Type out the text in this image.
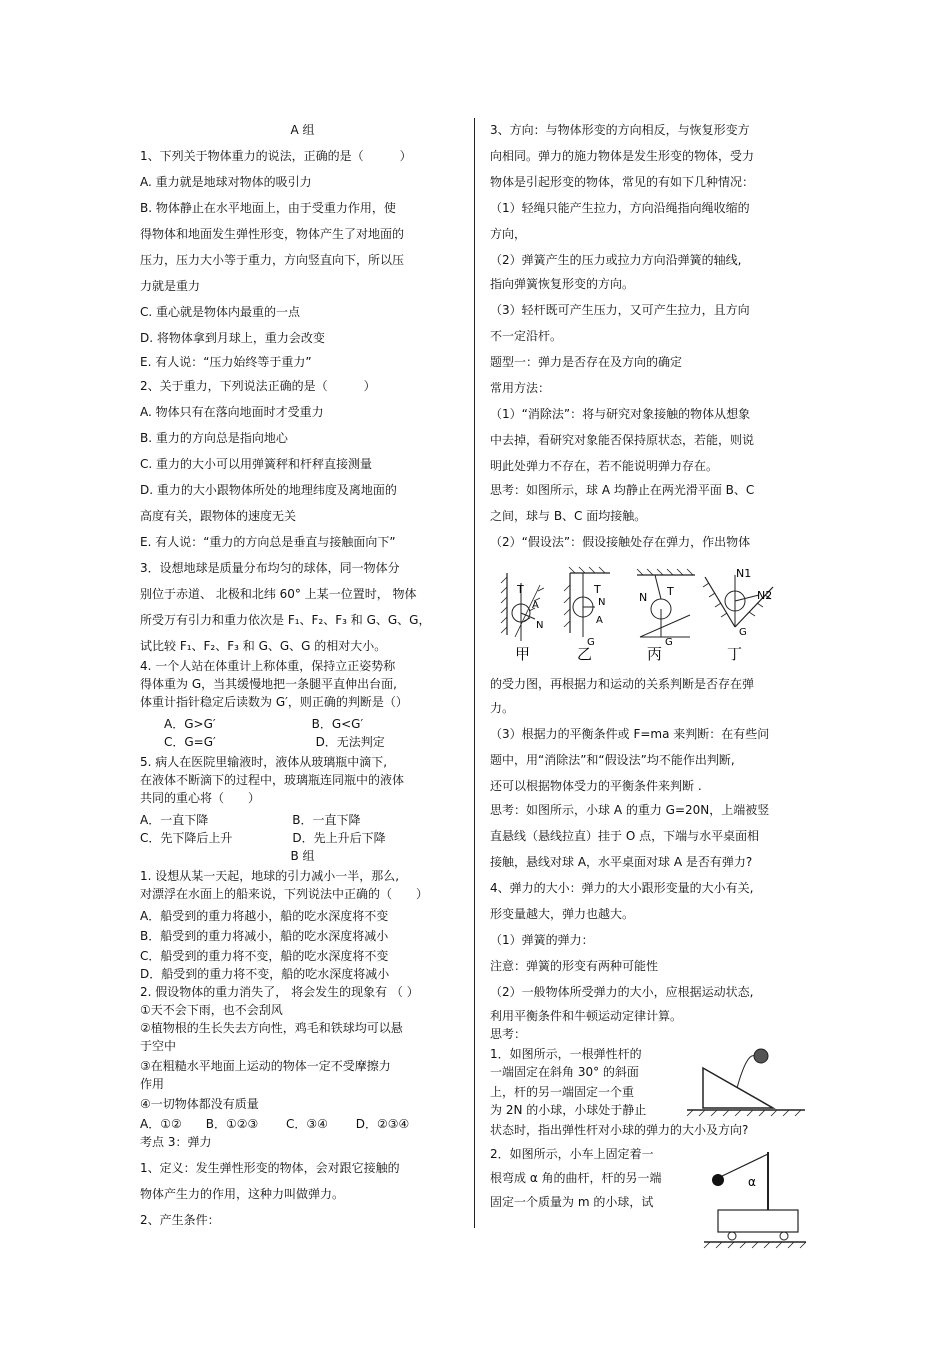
A 组
1、下列关于物体重力的说法，正确的是（　　　）
A. 重力就是地球对物体的吸引力
B. 物体静止在水平地面上，由于受重力作用，使
得物体和地面发生弹性形变，物体产生了对地面的
压力，压力大小等于重力，方向竖直向下，所以压
力就是重力
C. 重心就是物体内最重的一点
D. 将物体拿到月球上，重力会改变
E. 有人说：“压力始终等于重力”
2、关于重力，下列说法正确的是（　　　）
A. 物体只有在落向地面时才受重力
B. 重力的方向总是指向地心
C. 重力的大小可以用弹簧秤和杆秤直接测量
D. 重力的大小跟物体所处的地理纬度及离地面的
高度有关，跟物体的速度无关
E. 有人说：“重力的方向总是垂直与接触面向下”
3．设想地球是质量分布均匀的球体，同一物体分
别位于赤道、 北极和北纬 60° 上某一位置时， 物体
所受万有引力和重力依次是 F₁、F₂、F₃ 和 G、G、G，
试比较 F₁、F₂、F₃ 和 G、G、G 的相对大小。
4. 一个人站在体重计上称体重，保持立正姿势称
得体重为 G，当其缓慢地把一条腿平直伸出台面,
体重计指针稳定后读数为 G′，则正确的判断是（）
　　A．G>G′　　　　　　　　B．G<G′
　　C．G=G′　　　　　　　　 D．无法判定
5. 病人在医院里输液时，液体从玻璃瓶中滴下,
在液体不断滴下的过程中，玻璃瓶连同瓶中的液体
共同的重心将（　　）
A．一直下降　　　　　　　B．一直下降
C．先下降后上升　　　　　D．先上升后下降
B 组
1. 设想从某一天起，地球的引力减小一半，那么,
对漂浮在水面上的船来说，下列说法中正确的（　　）
A．船受到的重力将越小，船的吃水深度将不变
B．船受到的重力将减小，船的吃水深度将减小
C．船受到的重力将不变，船的吃水深度将不变
D．船受到的重力将不变，船的吃水深度将减小
2. 假设物体的重力消失了， 将会发生的现象有 （ ）
①天不会下雨，也不会刮风
②植物根的生长失去方向性，鸡毛和铁球均可以悬
于空中
③在粗糙水平地面上运动的物体一定不受摩擦力
作用
④一切物体都没有质量
A．①②　　B．①②③　　 C．③④　　 D．②③④
考点 3：弹力
1、定义：发生弹性形变的物体，会对跟它接触的
物体产生力的作用，这种力叫做弹力。
2、产生条件：
3、方向：与物体形变的方向相反，与恢复形变方
向相同。弹力的施力物体是发生形变的物体，受力
物体是引起形变的物体，常见的有如下几种情况：
（1）轻绳只能产生拉力，方向沿绳指向绳收缩的
方向，
（2）弹簧产生的压力或拉力方向沿弹簧的轴线,
指向弹簧恢复形变的方向。
（3）轻杆既可产生压力，又可产生拉力，且方向
不一定沿杆。
题型一：弹力是否存在及方向的确定
常用方法：
（1）“消除法”：将与研究对象接触的物体从想象
中去掉，看研究对象能否保持原状态，若能，则说
明此处弹力不存在，若不能说明弹力存在。
思考：如图所示，球 A 均静止在两光滑平面 B、C
之间，球与 B、C 面均接触。
（2）“假设法”：假设接触处存在弹力，作出物体
的受力图，再根据力和运动的关系判断是否存在弹
力。
（3）根据力的平衡条件或 F=ma 来判断：在有些问
题中，用“消除法”和“假设法”均不能作出判断,
还可以根据物体受力的平衡条件来判断 .
思考：如图所示，小球 A 的重力 G=20N，上端被竖
直悬线（悬线拉直）挂于 O 点，下端与水平桌面相
接触，悬线对球 A，水平桌面对球 A 是否有弹力?
4、弹力的大小：弹力的大小跟形变量的大小有关,
形变量越大，弹力也越大。
（1）弹簧的弹力：
注意：弹簧的形变有两种可能性
（2）一般物体所受弹力的大小，应根据运动状态,
利用平衡条件和牛顿运动定律计算。
思考：
1．如图所示，一根弹性杆的
一端固定在斜角 30° 的斜面
上，杆的另一端固定一个重
为 2N 的小球，小球处于静止
状态时，指出弹性杆对小球的弹力的大小及方向?
2．如图所示，小车上固定着一
根弯成 α 角的曲杆，杆的另一端
固定一个质量为 m 的小球，试
T
A
N
甲
T
N
A
G
乙
N T
G
丙
N1
N2
G
丁
α
